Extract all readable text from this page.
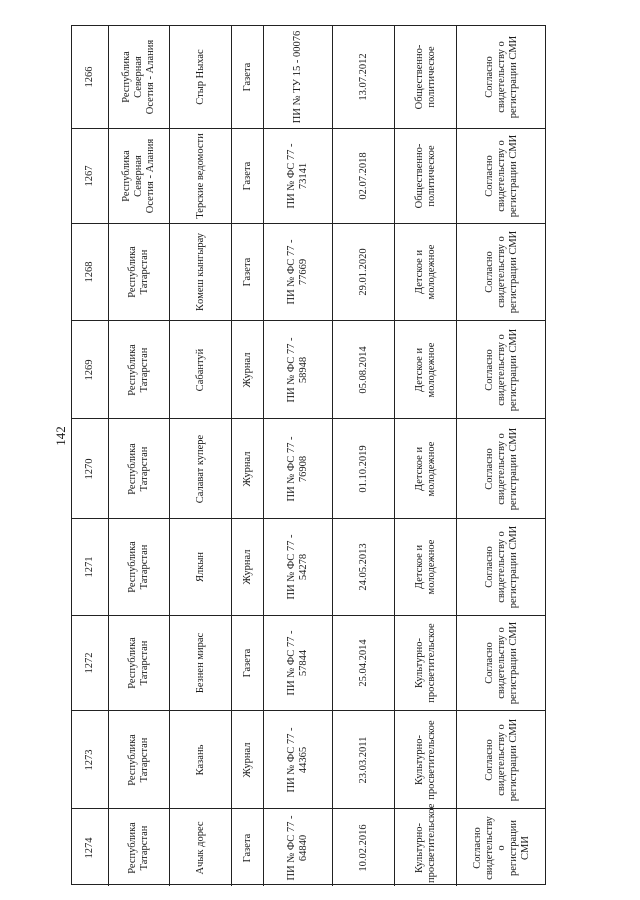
142
1266 Республика
Северная
Осетия - Алания	Стыр Ныхас	Газета	ПИ № ТУ 15 - 00076	13.07.2012	Общественно-
политическое	Согласно
свидетельству о
регистрации СМИ
1267 Республика
Северная
Осетия - Алания	Терские ведомости	Газета	ПИ № ФС 77 - 73141	02.07.2018	Общественно-
политическое	Согласно
свидетельству о
регистрации СМИ
1268	Республика
Татарстан	Кoмеш кынгырау	Газета	ПИ № ФС 77 - 77669	29.01.2020	Детское и
молодежное	Согласно
свидетельству о
регистрации СМИ
1269	Республика
Татарстан	Сабантуй	Журнал	ПИ № ФС 77 - 58948	05.08.2014	Детское и
молодежное	Согласно
свидетельству о
регистрации СМИ
1270	Республика
Татарстан	Салават купере	Журнал	ПИ № ФС 77 - 76908	01.10.2019	Детское и
молодежное	Согласно
свидетельству о
регистрации СМИ
1271	Республика
Татарстан	Ялкын	Журнал	ПИ № ФС 77 - 54278	24.05.2013	Детское и
молодежное	Согласно
свидетельству о
регистрации СМИ
1272	Республика
Татарстан	Безнен мирас	Газета	ПИ № ФС 77 - 57844	25.04.2014	Культурно-
просветительское	Согласно
свидетельству о
регистрации СМИ
1273	Республика
Татарстан	Казань	Журнал	ПИ № ФС 77 - 44365	23.03.2011	Культурно-
просветительское	Согласно
свидетельству о
регистрации СМИ
1274	Республика
Татарстан	Ачык дорес	Газета	ПИ № ФС 77 - 64840	10.02.2016	Культурно-
просветительское	Согласно
свидетельству о
регистрации СМИ
